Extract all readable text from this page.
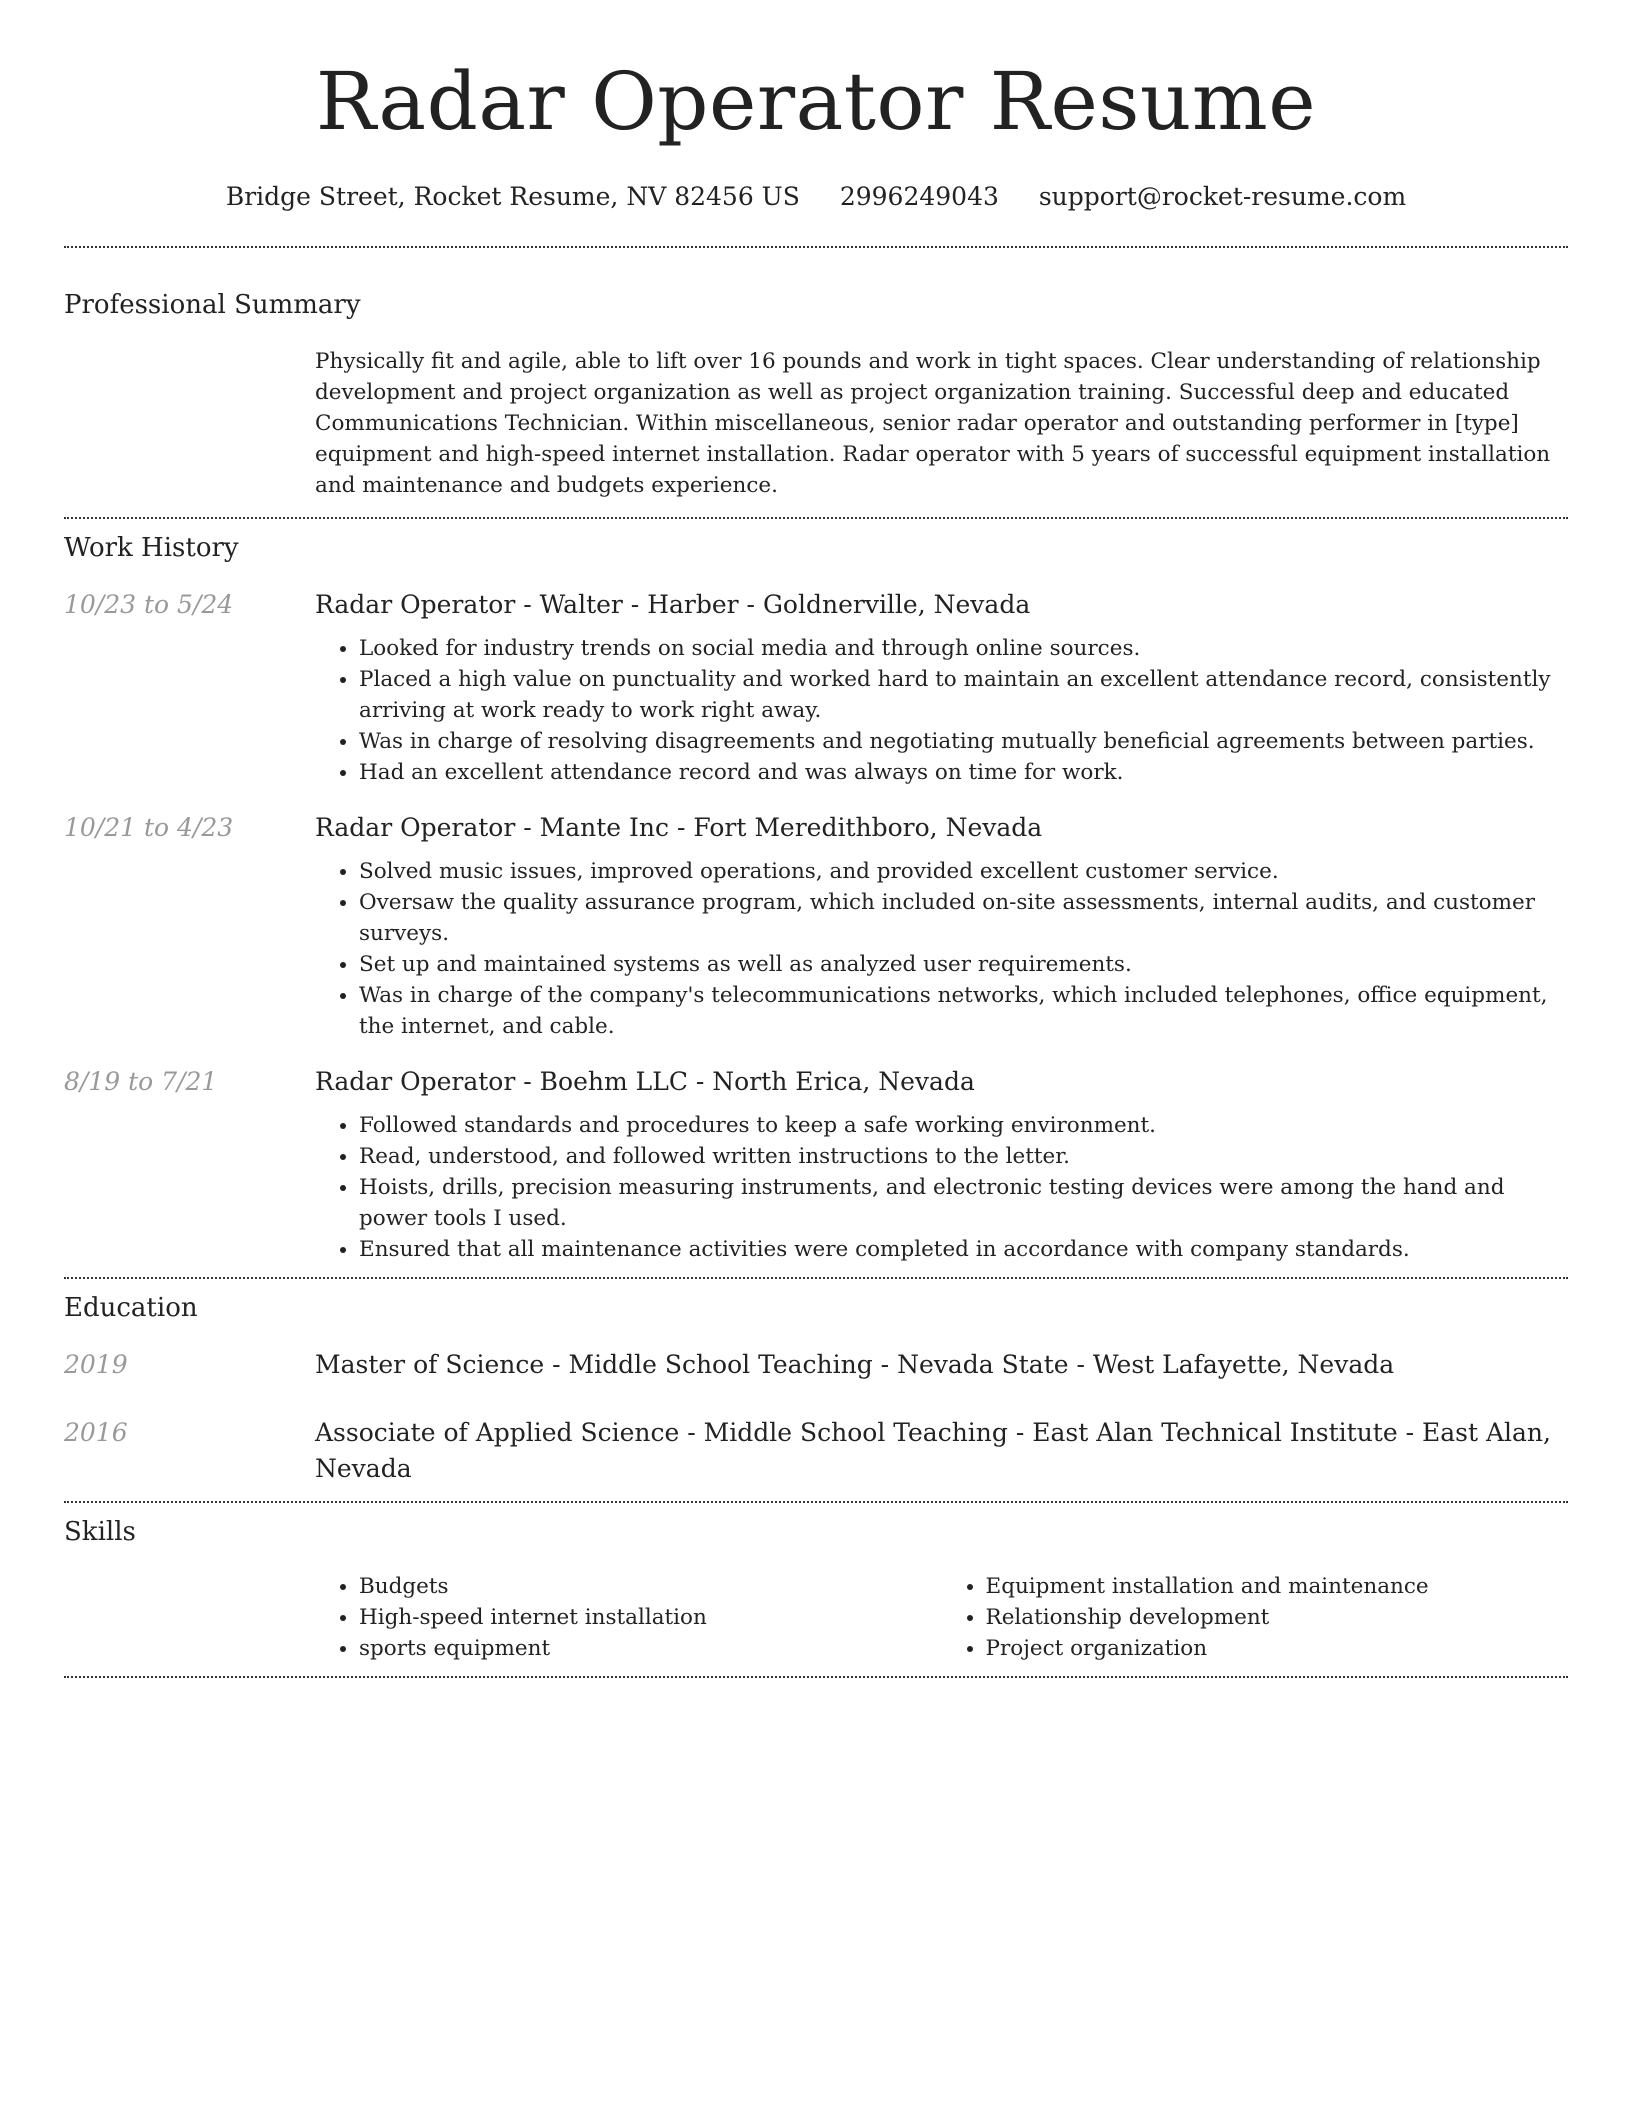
Radar Operator Resume
Bridge Street, Rocket Resume, NV 82456 US 2996249043 support@rocket-resume.com
Professional Summary

Physically fit and agile, able to lift over 16 pounds and work in tight spaces. Clear understanding of relationship development and project organization as well as project organization training. Successful deep and educated Communications Technician. Within miscellaneous, senior radar operator and outstanding performer in [type] equipment and high-speed internet installation. Radar operator with 5 years of successful equipment installation and maintenance and budgets experience.

Work History
10/23 to 5/24	Radar Operator - Walter - Harber - Goldnerville, Nevada
• Looked for industry trends on social media and through online sources.
• Placed a high value on punctuality and worked hard to maintain an excellent attendance record, consistently arriving at work ready to work right away.
• Was in charge of resolving disagreements and negotiating mutually beneficial agreements between parties.
• Had an excellent attendance record and was always on time for work.
10/21 to 4/23	Radar Operator - Mante Inc - Fort Meredithboro, Nevada
• Solved music issues, improved operations, and provided excellent customer service.
• Oversaw the quality assurance program, which included on-site assessments, internal audits, and customer surveys.
• Set up and maintained systems as well as analyzed user requirements.
• Was in charge of the company's telecommunications networks, which included telephones, office equipment, the internet, and cable.
8/19 to 7/21	Radar Operator - Boehm LLC - North Erica, Nevada
• Followed standards and procedures to keep a safe working environment.
• Read, understood, and followed written instructions to the letter.
• Hoists, drills, precision measuring instruments, and electronic testing devices were among the hand and power tools I used.
• Ensured that all maintenance activities were completed in accordance with company standards.
Education
2019	Master of Science - Middle School Teaching - Nevada State - West Lafayette, Nevada
2016	Associate of Applied Science - Middle School Teaching - East Alan Technical Institute - East Alan, Nevada
Skills
• Budgets
• High-speed internet installation
• sports equipment
• Equipment installation and maintenance
• Relationship development
• Project organization
